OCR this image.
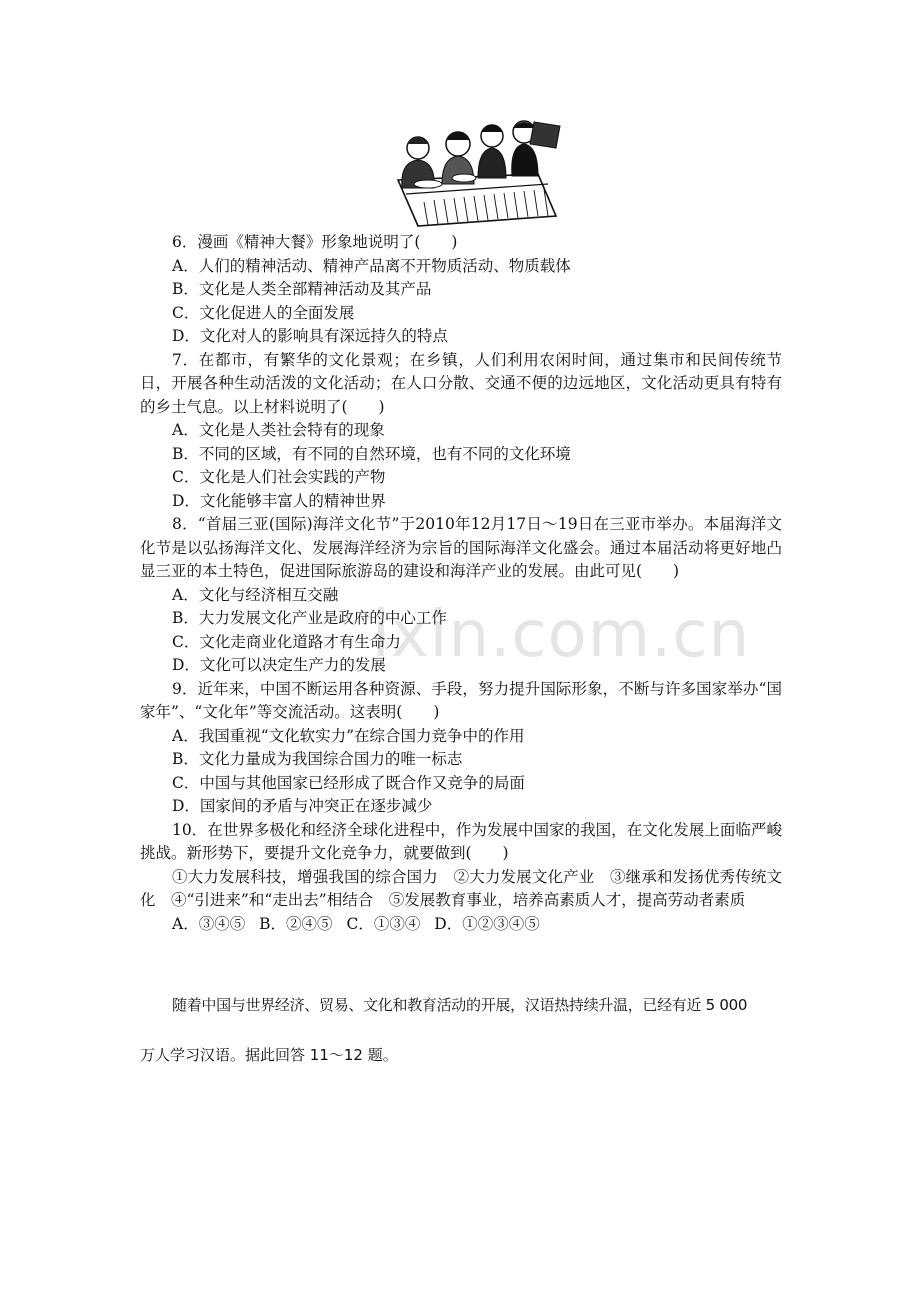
ixin.com.cn

6．漫画《精神大餐》形象地说明了(　　)

A．人们的精神活动、精神产品离不开物质活动、物质载体

B．文化是人类全部精神活动及其产品

C．文化促进人的全面发展

D．文化对人的影响具有深远持久的特点

7．在都市，有繁华的文化景观；在乡镇，人们利用农闲时间，通过集市和民间传统节日，开展各种生动活泼的文化活动；在人口分散、交通不便的边远地区，文化活动更具有特有的乡土气息。以上材料说明了(　　)

A．文化是人类社会特有的现象

B．不同的区域，有不同的自然环境，也有不同的文化环境

C．文化是人们社会实践的产物

D．文化能够丰富人的精神世界

8．“首届三亚(国际)海洋文化节”于2010年12月17日～19日在三亚市举办。本届海洋文化节是以弘扬海洋文化、发展海洋经济为宗旨的国际海洋文化盛会。通过本届活动将更好地凸显三亚的本土特色，促进国际旅游岛的建设和海洋产业的发展。由此可见(　　)

A．文化与经济相互交融

B．大力发展文化产业是政府的中心工作

C．文化走商业化道路才有生命力

D．文化可以决定生产力的发展

9．近年来，中国不断运用各种资源、手段，努力提升国际形象，不断与许多国家举办“国家年”、“文化年”等交流活动。这表明(　　)

A．我国重视“文化软实力”在综合国力竞争中的作用

B．文化力量成为我国综合国力的唯一标志

C．中国与其他国家已经形成了既合作又竞争的局面

D．国家间的矛盾与冲突正在逐步减少

10．在世界多极化和经济全球化进程中，作为发展中国家的我国，在文化发展上面临严峻挑战。新形势下，要提升文化竞争力，就要做到(　　)

①大力发展科技，增强我国的综合国力　②大力发展文化产业　③继承和发扬优秀传统文化　④“引进来”和“走出去”相结合　⑤发展教育事业，培养高素质人才，提高劳动者素质

A．③④⑤ B．②④⑤ C．①③④ D．①②③④⑤

随着中国与世界经济、贸易、文化和教育活动的开展，汉语热持续升温，已经有近 5 000
万人学习汉语。据此回答 11～12 题。
